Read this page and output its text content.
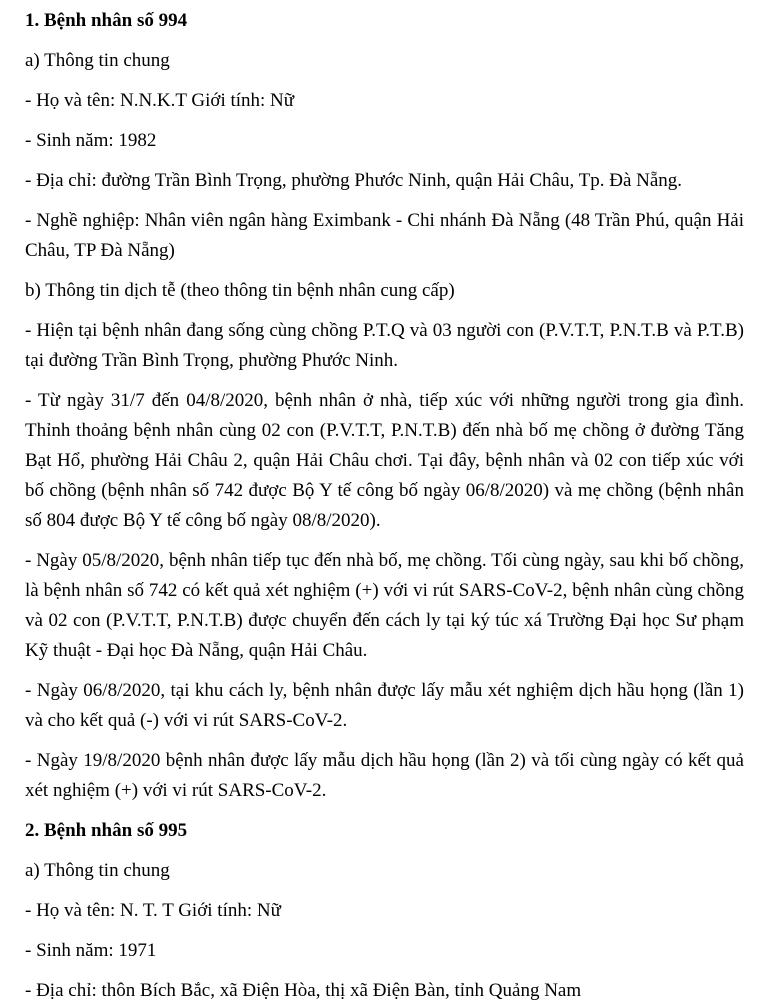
1. Bệnh nhân số 994

a) Thông tin chung

- Họ và tên: N.N.K.T Giới tính: Nữ

- Sinh năm: 1982

- Địa chỉ: đường Trần Bình Trọng, phường Phước Ninh, quận Hải Châu, Tp. Đà Nẵng.

- Nghề nghiệp: Nhân viên ngân hàng Eximbank - Chi nhánh Đà Nẵng (48 Trần Phú, quận Hải Châu, TP Đà Nẵng)

b) Thông tin dịch tễ (theo thông tin bệnh nhân cung cấp)

- Hiện tại bệnh nhân đang sống cùng chồng P.T.Q và 03 người con (P.V.T.T, P.N.T.B và P.T.B) tại đường Trần Bình Trọng, phường Phước Ninh.

- Từ ngày 31/7 đến 04/8/2020, bệnh nhân ở nhà, tiếp xúc với những người trong gia đình. Thỉnh thoảng bệnh nhân cùng 02 con (P.V.T.T, P.N.T.B) đến nhà bố mẹ chồng ở đường Tăng Bạt Hổ, phường Hải Châu 2, quận Hải Châu chơi. Tại đây, bệnh nhân và 02 con tiếp xúc với bố chồng (bệnh nhân số 742 được Bộ Y tế công bố ngày 06/8/2020) và mẹ chồng (bệnh nhân số 804 được Bộ Y tế công bố ngày 08/8/2020).

- Ngày 05/8/2020, bệnh nhân tiếp tục đến nhà bố, mẹ chồng. Tối cùng ngày, sau khi bố chồng, là bệnh nhân số 742 có kết quả xét nghiệm (+) với vi rút SARS-CoV-2, bệnh nhân cùng chồng và 02 con (P.V.T.T, P.N.T.B) được chuyển đến cách ly tại ký túc xá Trường Đại học Sư phạm Kỹ thuật - Đại học Đà Nẵng, quận Hải Châu.

- Ngày 06/8/2020, tại khu cách ly, bệnh nhân được lấy mẫu xét nghiệm dịch hầu họng (lần 1) và cho kết quả (-) với vi rút SARS-CoV-2.

- Ngày 19/8/2020 bệnh nhân được lấy mẫu dịch hầu họng (lần 2) và tối cùng ngày có kết quả xét nghiệm (+) với vi rút SARS-CoV-2.

2. Bệnh nhân số 995

a) Thông tin chung

- Họ và tên: N. T. T Giới tính: Nữ

- Sinh năm: 1971

- Địa chỉ: thôn Bích Bắc, xã Điện Hòa, thị xã Điện Bàn, tỉnh Quảng Nam
